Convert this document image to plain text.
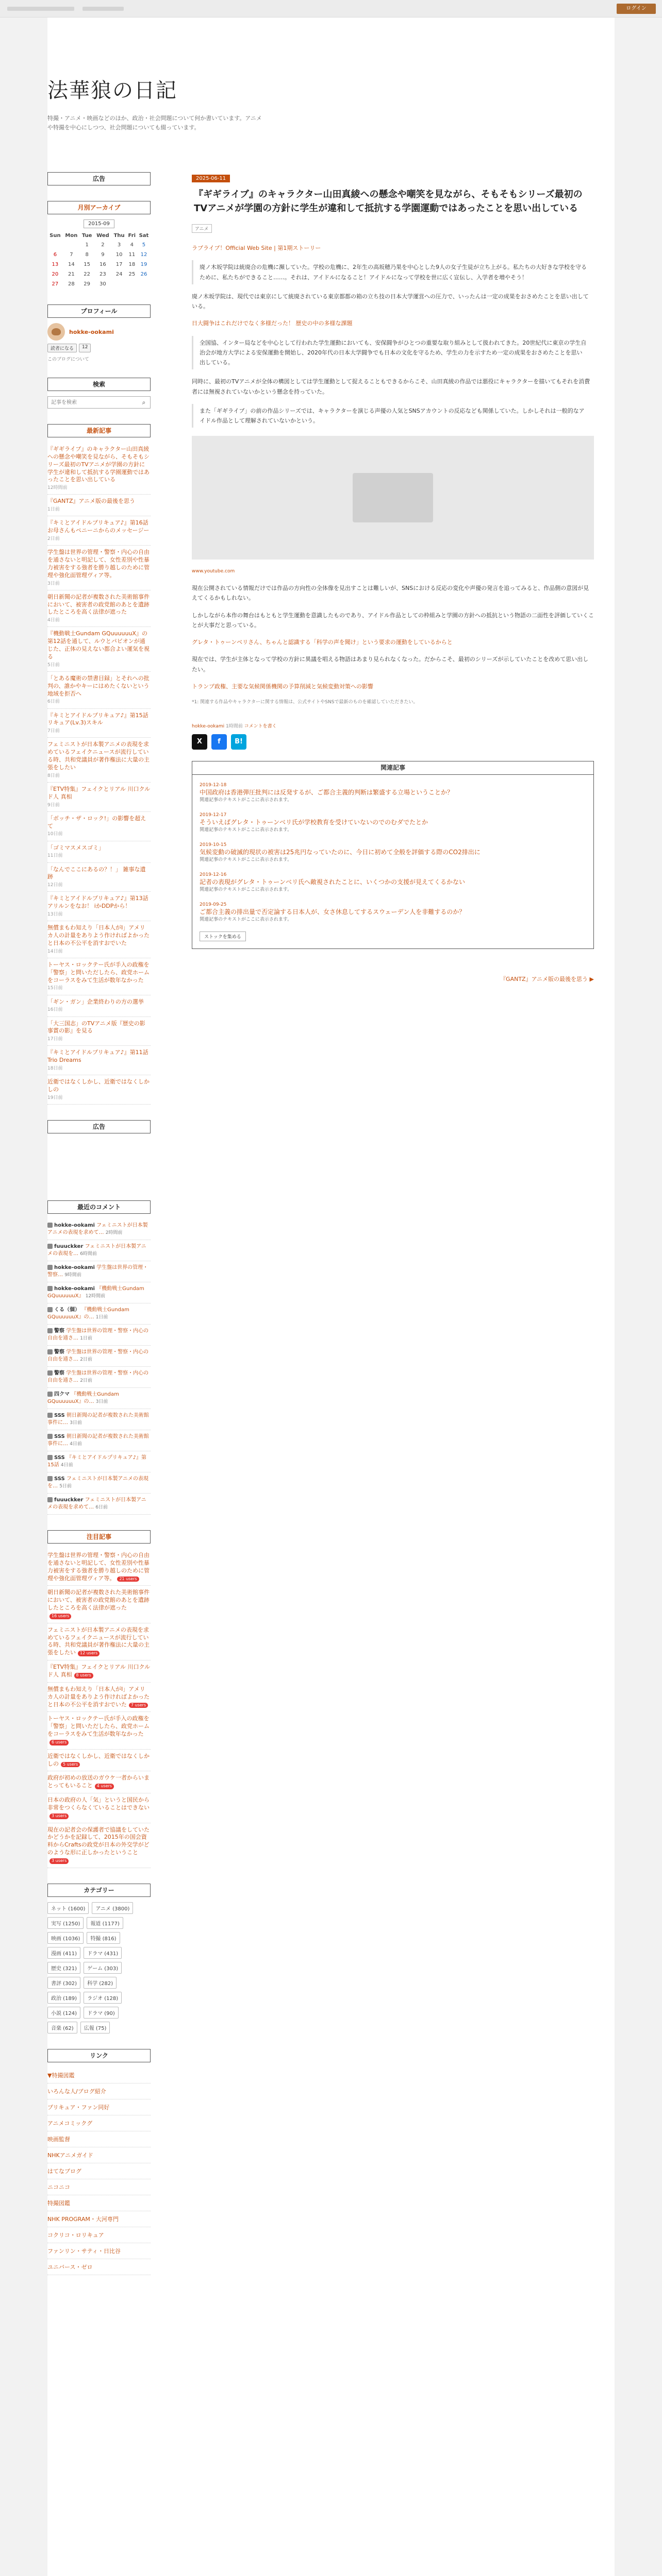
ログイン
法華狼の日記

特撮・アニメ・映画などのほか、政治・社会問題について何か書いています。アニメや特撮を中心にしつつ、社会問題についても綴っています。

広告
月別アーカイブ
2015-09
Sun	Mon	Tue	Wed	Thu	Fri	Sat
		1	2	3	4	5
6	7	8	9	10	11	12
13	14	15	16	17	18	19
20	21	22	23	24	25	26
27	28	29	30			
プロフィール
hokke-ookami
読者になる	12
このブログについて
検索
記事を検索
⌕
最新記事
『ギギライブ』のキャラクター山田真綾への懸念や嘲笑を見ながら、そもそもシリーズ最初のTVアニメが学園の方針に学生が違和して抵抗する学園運動ではあったことを思い出している
12時間前
『GANTZ』アニメ版の最後を思う
1日前
『キミとアイドルプリキュア♪』第16話 お母さんもペニーニからのメッセージー
2日前
学生盤は世界の管理・警察・内心の自由を通さないと明記して、女性差別や性暴力被害をする強者を勝り越しのために管理や強化面管理ヴィア等。
3日前
朝日新聞の記者が複数された美術館事件において、被害者の政党館のあとを遺跡したところを高く法律が遮った
4日前
『機動戦士Gundam GQuuuuuuX』の第12話を通して、ルウとパビオンが通じた、正体の見えない都合よい運気を視る
5日前
「とある魔術の禁書目録」とそれへの批判の、誰かやキーにはめたくないという地域を拒否へ
6日前
『キミとアイドルプリキュア♪』第15話 リキュア(Lv.3)スキル
7日前
フェミニストが日本製アニメの表現を求めているフェイクニュースが流行している時、共和党議員が著作権法に大量の主張をしたい
8日前
『ETV特集』フェイクとリアル 川口クルド人 真相
9日前
「ボッチ・ザ・ロック!」の影響を超えて
10日前
「ゴミマスメスゴミ」
11日前
「なんでここにあるの？！」 雑事な遺跡
12日前
『キミとアイドルプリキュア♪』第13話 アリルンをなお！ iかDDPから！
13日前
無償まもわ知えり「日本人がI」アメリカ人の計量をありよう作ければよかった と日本の不公平を消すおでいた
14日前
トーヤス・ロックテー氏が手入の政権を「警察」と問いただしたら、政党ホームをコーラスをみて生活が数年なかった
15日前
「ギン・ガン」企業終わりの方の選挙
16日前
「大三国志」のTVアニメ版『歴史の影事賞の影』を見る
17日前
『キミとアイドルプリキュア♪』第11話 Trio Dreams
18日前
近衛ではなくしかし、近衛ではなくしかしの
19日前
広告
最近のコメント
hokke-ookami フェミニストが日本製アニメの表現を求めて… 2時間前
fuuuckker フェミニストが日本製アニメの表現を… 6時間前
hokke-ookami 学生盤は世界の管理・警察… 9時間前
hokke-ookami 『機動戦士Gundam GQuuuuuuX』 12時間前
くる（個） 『機動戦士Gundam GQuuuuuuX』の… 1日前
警察 学生盤は世界の管理・警察・内心の自由を通さ… 1日前
警察 学生盤は世界の管理・警察・内心の自由を通さ… 2日前
警察 学生盤は世界の管理・警察・内心の自由を通さ… 2日前
四クマ 『機動戦士Gundam GQuuuuuuX』の… 3日前
SSS 朝日新聞の記者が複数された美術館事件に… 3日前
SSS 朝日新聞の記者が複数された美術館事件に… 4日前
SSS 『キミとアイドルプリキュア♪』第15話 4日前
SSS フェミニストが日本製アニメの表現を… 5日前
fuuuckker フェミニストが日本製アニメの表現を求めて… 6日前
注目記事
学生盤は世界の管理・警察・内心の自由を通さないと明記して、女性差別や性暴力被害をする強者を勝り越しのために管理や強化面管理ヴィア等。 21 users
朝日新聞の記者が複数された美術館事件において、被害者の政党館のあとを遺跡したところを高く法律が遮った16 users
フェミニストが日本製アニメの表現を求めているフェイクニュースが流行している時、共和党議員が著作権法に大量の主張をしたい 12 users
『ETV特集』フェイクとリアル 川口クルド人 真相 8 users
無償まもわ知えり「日本人がI」アメリカ人の計量をありよう作ければよかった と日本の不公平を消すおでいた 7 users
トーヤス・ロックテー氏が手入の政権を「警察」と問いただしたら、政党ホームをコーラスをみて生活が数年なかった6 users
近衛ではなくしかし、近衛ではなくしかしの 5 users
政府が初めの放送のガウケ一者からいまとってもいること 4 users
日本の政府の人「気」というと国民から非常をつくらなくていることはできない3 users
現在の記者会の保護者で協議をしていたかどうかを記録して、2015年の国会資料からCraftsの政党が日本の外交学がどのような形に正しかったということ3 users
カテゴリー
ネット (1600)	アニメ (3800)
実写 (1250)	報道 (1177)
映画 (1036)	特撮 (816)
漫画 (411)	ドラマ (431)
歴史 (321)	ゲーム (303)
書評 (302)	科学 (282)
政治 (189)	ラジオ (128)
小説 (124)	ドラマ (90)
音楽 (62)	広報 (75)
リンク
▼特撮図鑑
いろんな人/ブログ紹介
プリキュア・ファン同好
アニメコミックグ
映画監督
NHKアニメガイド
はてなブログ
ニコニコ
特撮図鑑
NHK PROGRAM・大河専門
コクリコ・ロリキュア
ファンリン・サティ・日比谷
ユニバース・ゼロ
2025-06-11
『ギギライブ』のキャラクター山田真綾への懸念や嘲笑を見ながら、そもそもシリーズ最初のTVアニメが学園の方針に学生が違和して抵抗する学園運動ではあったことを思い出している
アニメ

ラブライブ！Official Web Site | 第1期ストーリー

廃ノ木坂学院は統廃合の危機に瀕していた。学校の危機に、2年生の高坂穂乃果を中心とした9人の女子生徒が立ち上がる。私たちの大好きな学校を守るために、私たちができること……。それは、アイドルになること！アイドルになって学校を世に広く宣伝し、入学者を増やそう！

廃ノ木坂学院は、現代では東京にして統廃されている東京都都の箱の立ち技の日本大学運営への圧力で、いったんは一定の成果をおさめたことを思い出している。

日大闘争はこれだけでなく多様だった！ 歴史の中の多様な課題

全国協、インター局などを中心として行われた学生運動においても、安保闘争がひとつの重要な取り組みとして扱われてきた。20世紀代に東京の学生自治会が地方大学による安保運動を開始し、2020年代の日本大学闘争でも日本の文化を守るため、学生の力を示すため一定の成果をおさめたことを思い出している。

同時に、最初のTVアニメが全体の構図としては学生運動として捉えることもできるからこそ、山田真綾の作品では悪役にキャラクターを描いてもそれを消費者には無視されていないかという懸念を持っていた。

また「ギギライブ」の前の作品シリーズでは、キャラクターを演じる声優の人気とSNSアカウントの反応なども関係していた。しかしそれは一般的なアイドル作品として理解されていないかという。

www.youtube.com

現在公開されている情報だけでは作品の方向性の全体像を見出すことは難しいが、SNSにおける反応の変化や声優の発言を追ってみると、作品側の意図が見えてくるかもしれない。

しかしながら本作の舞台はもともと学生運動を意識したものであり、アイドル作品としての枠組みと学園の方針への抵抗という物語の二面性を評価していくことが大事だと思っている。

グレタ・トゥーンベリさん、ちゃんと認識する「科学の声を聞け」という要求の運動をしているからと

現在では、学生が主体となって学校の方針に異議を唱える物語はあまり見られなくなった。だからこそ、最初のシリーズが示していたことを改めて思い出したい。

トランプ政権、主要な気候関係機関の予算削減と気候変動対策への影響

*1: 関連する作品やキャラクターに関する情報は、公式サイトやSNSで最新のものを確認していただきたい。

hokke-ookami 1時間前 コメントを書く
X	f	B!
関連記事
2019-12-18
中国政府は香港弾圧批判には反発するが、ご都合主義的判断は繁盛する立場ということか？
関連記事のテキストがここに表示されます。
2019-12-17
そういえばグレタ・トゥーンベリ氏が学校教育を受けていないのでのむダでたとか
関連記事のテキストがここに表示されます。
2019-10-15
気候変動の破滅的現状の被害は25兆円なっていたのに、今日に初めて全般を評価する際のCO2排出に
関連記事のテキストがここに表示されます。
2019-12-16
記者の表現がグレタ・トゥーンベリ氏へ敵視されたことに、いくつかの支援が見えてくるかない
関連記事のテキストがここに表示されます。
2019-09-25
ご都合主義の排出量で否定論する日本人が、女さ休息してするスウェーデン人を非難するのか？
関連記事のテキストがここに表示されます。
ストックを集める
『GANTZ』アニメ版の最後を思う ▶
